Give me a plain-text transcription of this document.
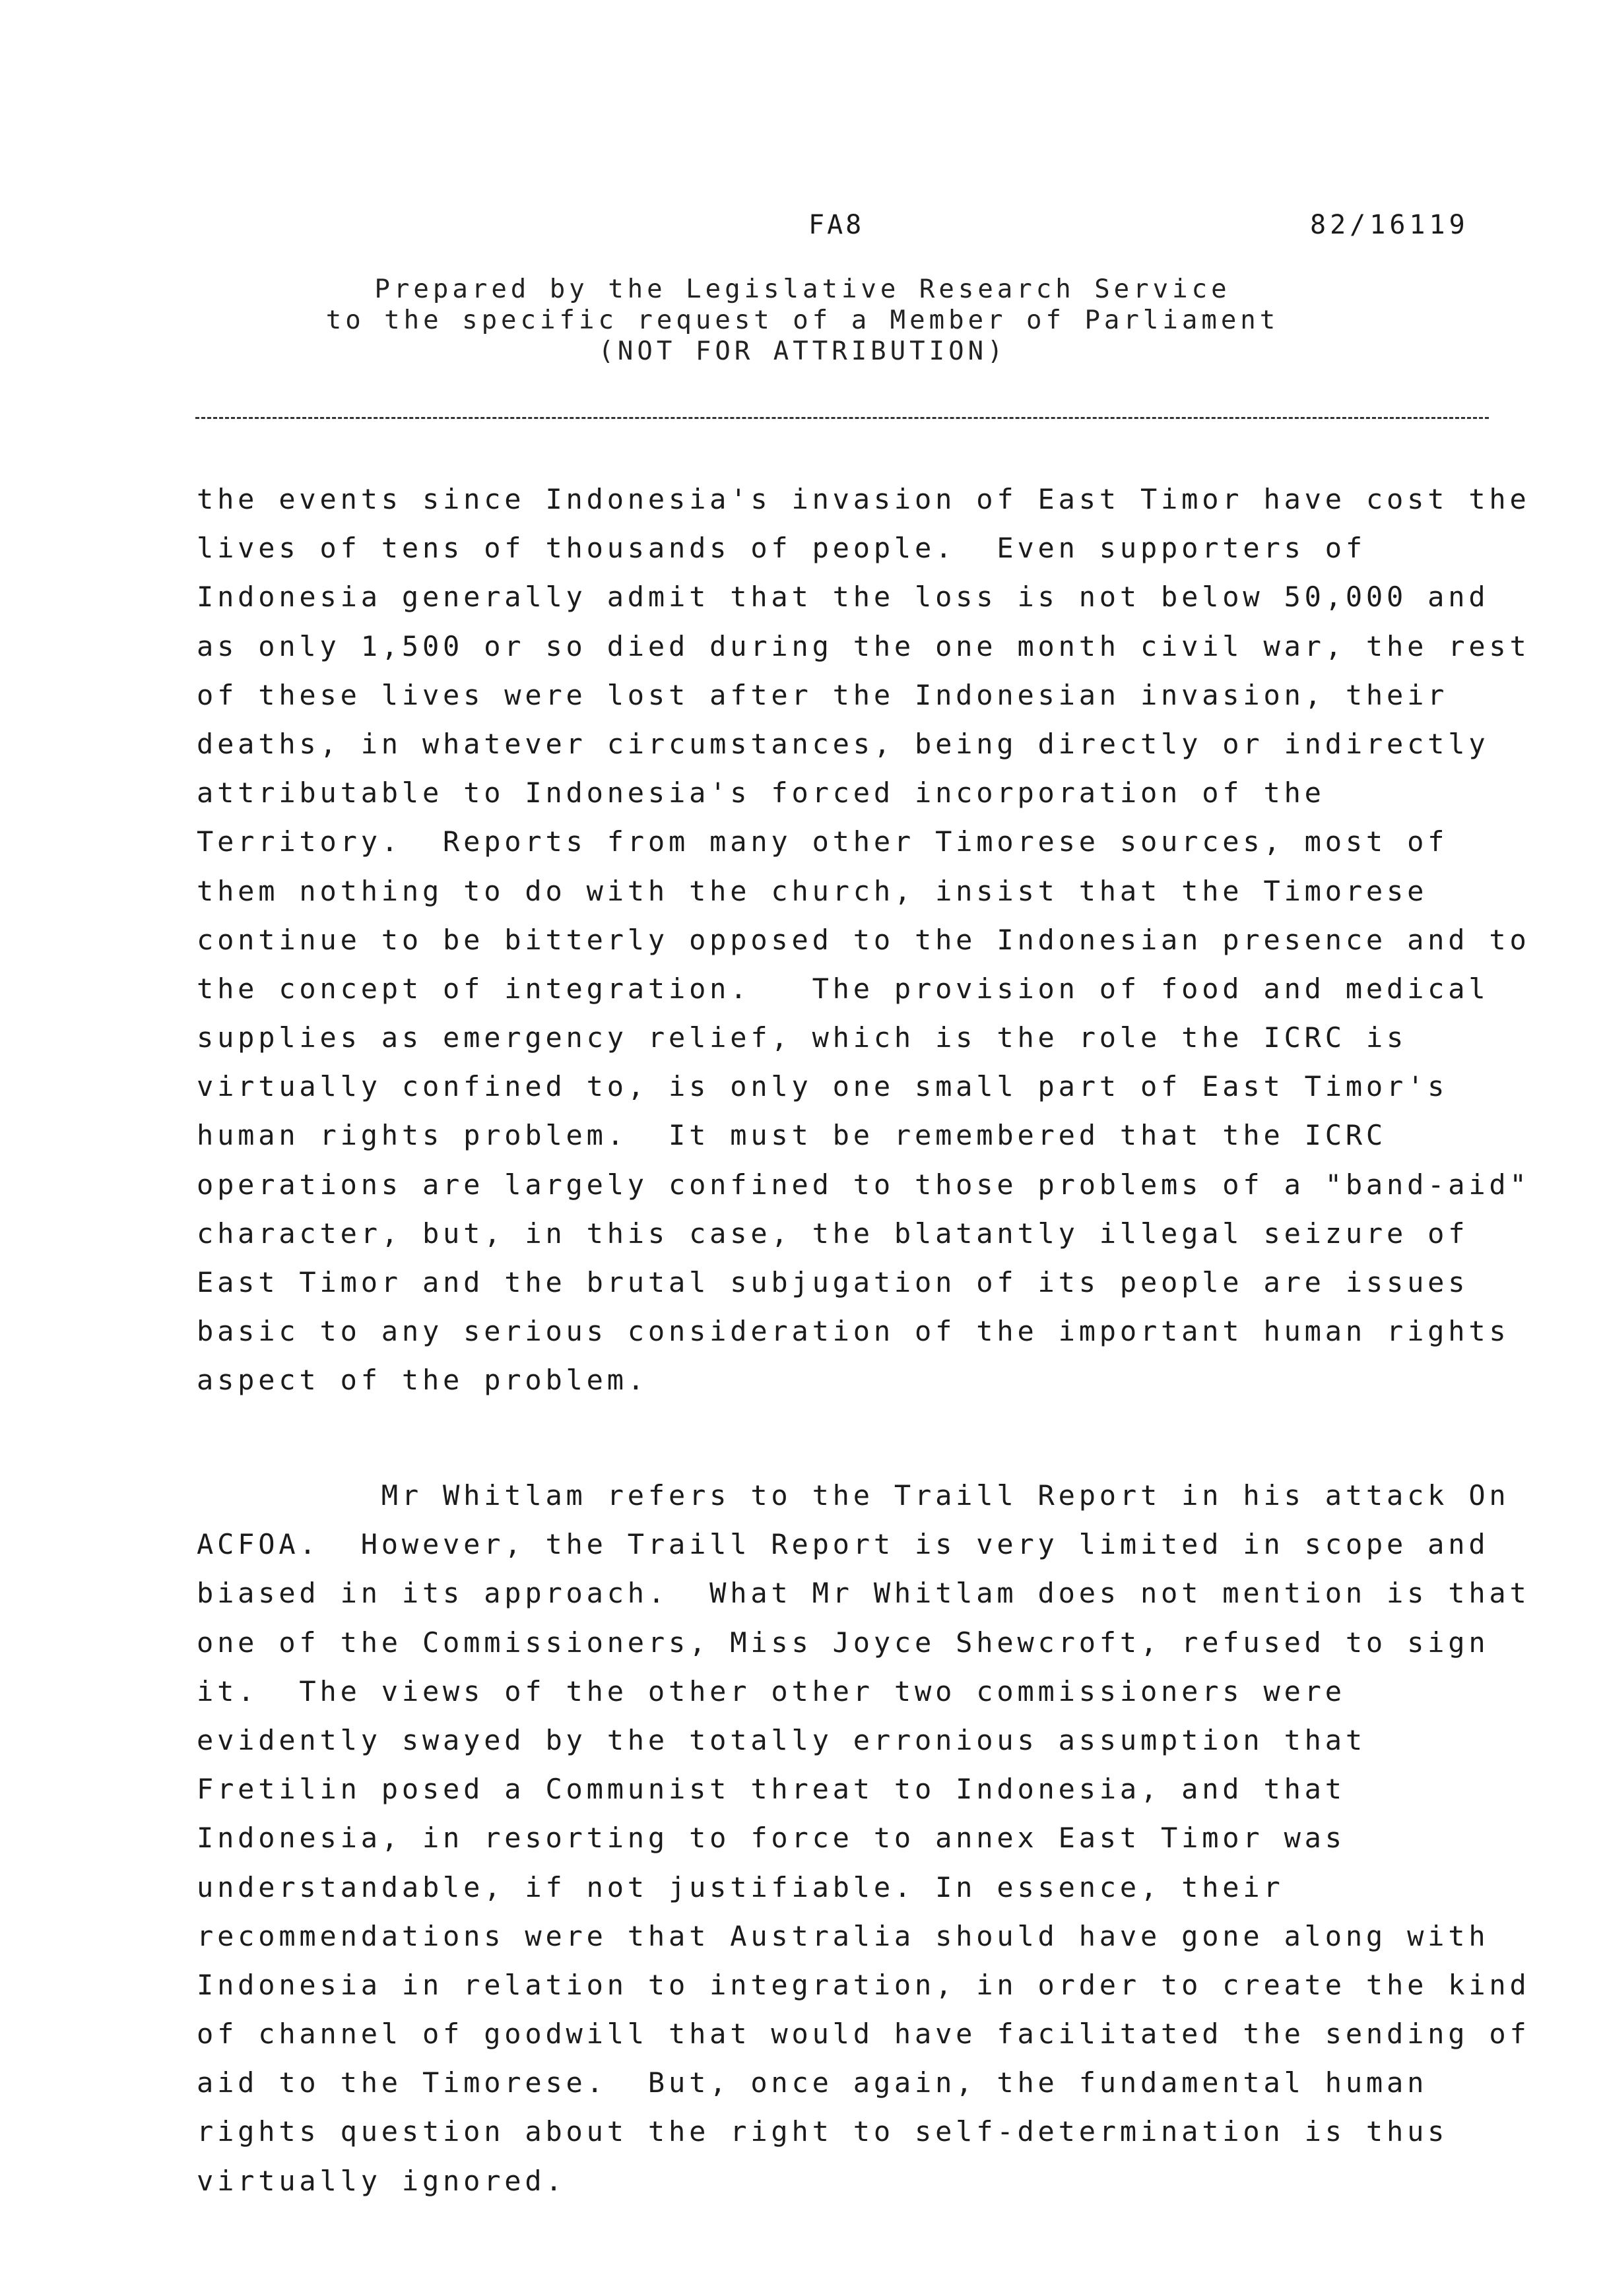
FA8	82/16119
Prepared by the Legislative Research Service
to the specific request of a Member of Parliament
(NOT FOR ATTRIBUTION)
the events since Indonesia's invasion of East Timor have cost the
lives of tens of thousands of people.  Even supporters of
Indonesia generally admit that the loss is not below 50,000 and
as only 1,500 or so died during the one month civil war, the rest
of these lives were lost after the Indonesian invasion, their
deaths, in whatever circumstances, being directly or indirectly
attributable to Indonesia's forced incorporation of the
Territory.  Reports from many other Timorese sources, most of
them nothing to do with the church, insist that the Timorese
continue to be bitterly opposed to the Indonesian presence and to
the concept of integration.   The provision of food and medical
supplies as emergency relief, which is the role the ICRC is
virtually confined to, is only one small part of East Timor's
human rights problem.  It must be remembered that the ICRC
operations are largely confined to those problems of a "band-aid"
character, but, in this case, the blatantly illegal seizure of
East Timor and the brutal subjugation of its people are issues
basic to any serious consideration of the important human rights
aspect of the problem.
Mr Whitlam refers to the Traill Report in his attack On
ACFOA.  However, the Traill Report is very limited in scope and
biased in its approach.  What Mr Whitlam does not mention is that
one of the Commissioners, Miss Joyce Shewcroft, refused to sign
it.  The views of the other other two commissioners were
evidently swayed by the totally erronious assumption that
Fretilin posed a Communist threat to Indonesia, and that
Indonesia, in resorting to force to annex East Timor was
understandable, if not justifiable. In essence, their
recommendations were that Australia should have gone along with
Indonesia in relation to integration, in order to create the kind
of channel of goodwill that would have facilitated the sending of
aid to the Timorese.  But, once again, the fundamental human
rights question about the right to self-determination is thus
virtually ignored.
